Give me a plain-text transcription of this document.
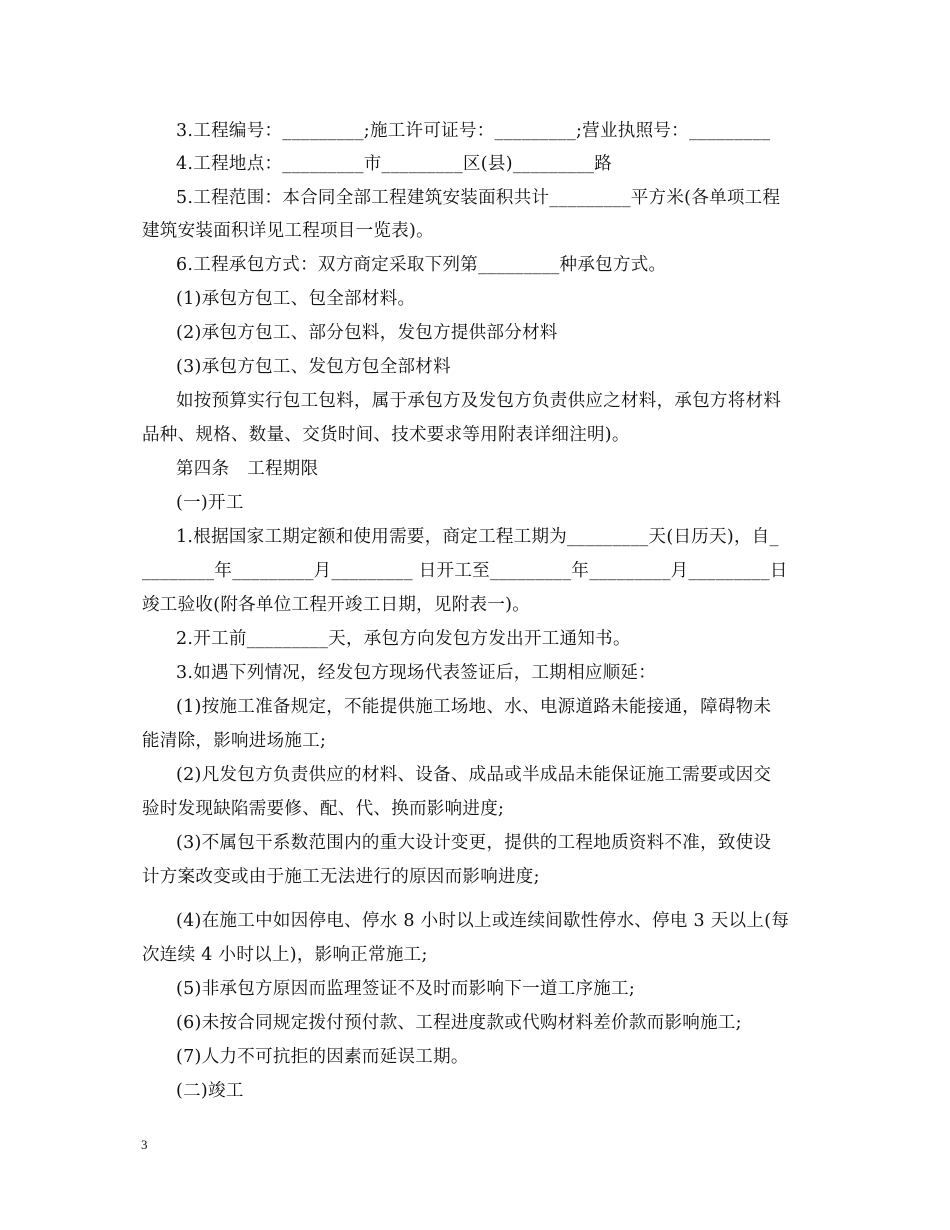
3.工程编号：_________;施工许可证号：_________;营业执照号：_________
4.工程地点：_________市_________区(县)_________路
5.工程范围：本合同全部工程建筑安装面积共计_________平方米(各单项工程
建筑安装面积详见工程项目一览表)。
6.工程承包方式：双方商定采取下列第_________种承包方式。
(1)承包方包工、包全部材料。
(2)承包方包工、部分包料，发包方提供部分材料
(3)承包方包工、发包方包全部材料
如按预算实行包工包料，属于承包方及发包方负责供应之材料，承包方将材料
品种、规格、数量、交货时间、技术要求等用附表详细注明)。
第四条　工程期限
(一)开工
1.根据国家工期定额和使用需要，商定工程工期为_________天(日历天)，自_
________年_________月_________ 日开工至_________年_________月_________日
竣工验收(附各单位工程开竣工日期，见附表一)。
2.开工前_________天，承包方向发包方发出开工通知书。
3.如遇下列情况，经发包方现场代表签证后，工期相应顺延：
(1)按施工准备规定，不能提供施工场地、水、电源道路未能接通，障碍物未
能清除，影响进场施工;
(2)凡发包方负责供应的材料、设备、成品或半成品未能保证施工需要或因交
验时发现缺陷需要修、配、代、换而影响进度;
(3)不属包干系数范围内的重大设计变更，提供的工程地质资料不准，致使设
计方案改变或由于施工无法进行的原因而影响进度;
(4)在施工中如因停电、停水 8 小时以上或连续间歇性停水、停电 3 天以上(每
次连续 4 小时以上)，影响正常施工;
(5)非承包方原因而监理签证不及时而影响下一道工序施工;
(6)未按合同规定拨付预付款、工程进度款或代购材料差价款而影响施工;
(7)人力不可抗拒的因素而延误工期。
(二)竣工
3
